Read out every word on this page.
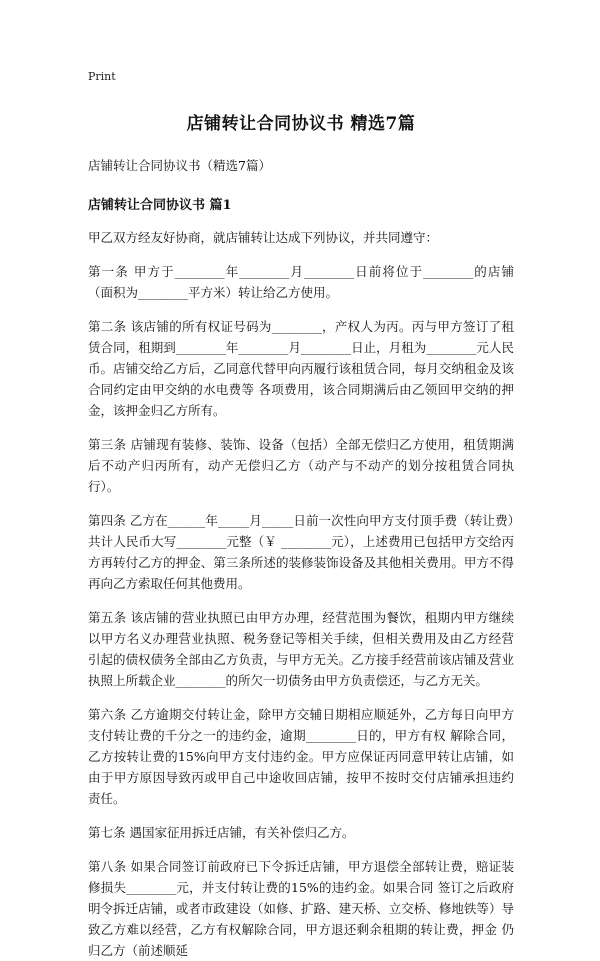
Print
店铺转让合同协议书 精选7篇
店铺转让合同协议书（精选7篇）
店铺转让合同协议书 篇1

甲乙双方经友好协商，就店铺转让达成下列协议，并共同遵守：

第一条 甲方于________年________月________日前将位于________的店铺（面积为________平方米）转让给乙方使用。

第二条 该店铺的所有权证号码为________，产权人为丙。丙与甲方签订了租赁合同，租期到________年________月________日止，月租为________元人民币。店铺交给乙方后，乙同意代替甲向丙履行该租赁合同，每月交纳租金及该合同约定由甲交纳的水电费等 各项费用，该合同期满后由乙领回甲交纳的押金，该押金归乙方所有。

第三条 店铺现有装修、装饰、设备（包括）全部无偿归乙方使用，租赁期满后不动产归丙所有，动产无偿归乙方（动产与不动产的划分按租赁合同执行）。

第四条 乙方在______年_____月_____日前一次性向甲方支付顶手费（转让费）共计人民币大写________元整（￥ ________元），上述费用已包括甲方交给丙方再转付乙方的押金、第三条所述的装修装饰设备及其他相关费用。甲方不得再向乙方索取任何其他费用。

第五条 该店铺的营业执照已由甲方办理，经营范围为餐饮，租期内甲方继续以甲方名义办理营业执照、税务登记等相关手续，但相关费用及由乙方经营 引起的债权债务全部由乙方负责，与甲方无关。乙方接手经营前该店铺及营业执照上所载企业________的所欠一切债务由甲方负责偿还，与乙方无关。

第六条 乙方逾期交付转让金，除甲方交辅日期相应顺延外，乙方每日向甲方支付转让费的千分之一的违约金，逾期________日的，甲方有权 解除合同，乙方按转让费的15%向甲方支付违约金。甲方应保证丙同意甲转让店铺，如由于甲方原因导致丙或甲自己中途收回店铺，按甲不按时交付店铺承担违约 责任。

第七条 遇国家征用拆迁店铺，有关补偿归乙方。

第八条 如果合同签订前政府已下令拆迁店铺，甲方退偿全部转让费，赔证装修损失________元，并支付转让费的15%的违约金。如果合同 签订之后政府明令拆迁店铺，或者市政建设（如修、扩路、建天桥、立交桥、修地铁等）导致乙方难以经营，乙方有权解除合同，甲方退还剩余租期的转让费，押金 仍归乙方（前述顺延
